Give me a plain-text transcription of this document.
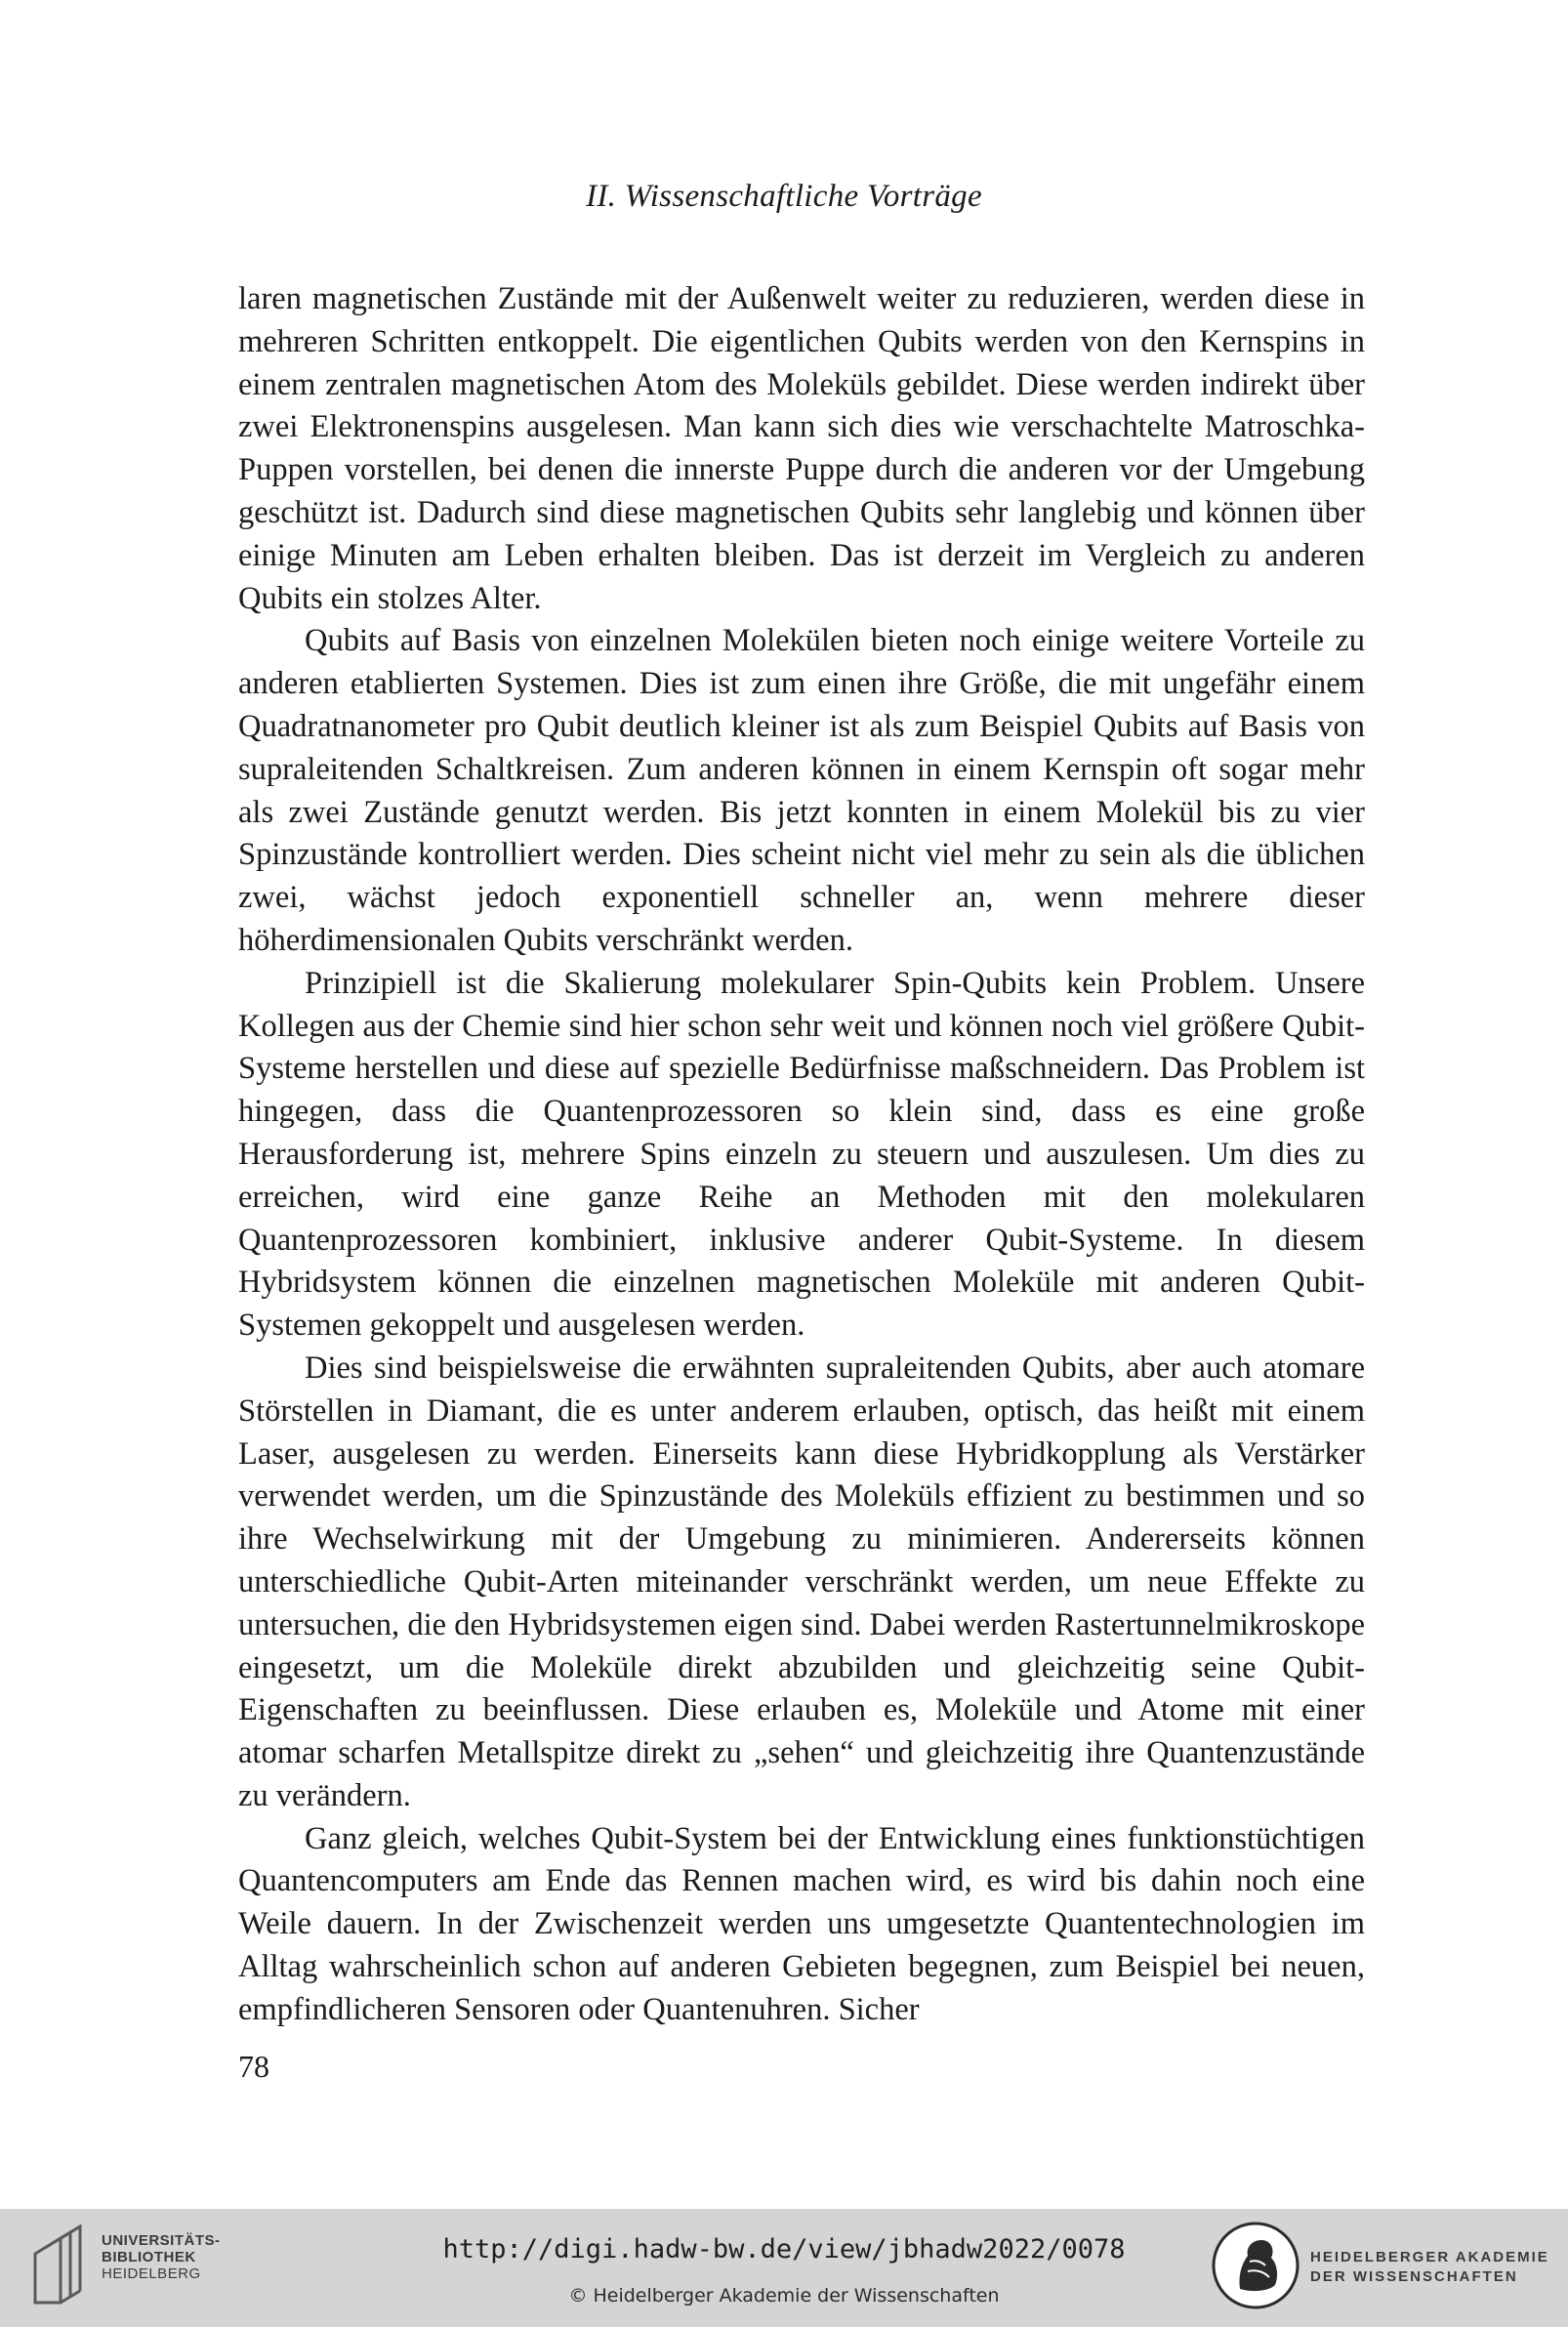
II. Wissenschaftliche Vorträge

laren magnetischen Zustände mit der Außenwelt weiter zu reduzieren, werden diese in mehreren Schritten entkoppelt. Die eigentlichen Qubits werden von den Kernspins in einem zentralen magnetischen Atom des Moleküls gebildet. Diese werden indirekt über zwei Elektronenspins ausgelesen. Man kann sich dies wie verschachtelte Matroschka-Puppen vorstellen, bei denen die innerste Puppe durch die anderen vor der Umgebung geschützt ist. Dadurch sind diese magnetischen Qubits sehr langlebig und können über einige Minuten am Leben erhalten bleiben. Das ist derzeit im Vergleich zu anderen Qubits ein stolzes Alter.

Qubits auf Basis von einzelnen Molekülen bieten noch einige weitere Vorteile zu anderen etablierten Systemen. Dies ist zum einen ihre Größe, die mit ungefähr einem Quadratnanometer pro Qubit deutlich kleiner ist als zum Beispiel Qubits auf Basis von supraleitenden Schaltkreisen. Zum anderen können in einem Kernspin oft sogar mehr als zwei Zustände genutzt werden. Bis jetzt konnten in einem Molekül bis zu vier Spinzustände kontrolliert werden. Dies scheint nicht viel mehr zu sein als die üblichen zwei, wächst jedoch exponentiell schneller an, wenn mehrere dieser höherdimensionalen Qubits verschränkt werden.

Prinzipiell ist die Skalierung molekularer Spin-Qubits kein Problem. Unsere Kollegen aus der Chemie sind hier schon sehr weit und können noch viel größere Qubit-Systeme herstellen und diese auf spezielle Bedürfnisse maßschneidern. Das Problem ist hingegen, dass die Quantenprozessoren so klein sind, dass es eine große Herausforderung ist, mehrere Spins einzeln zu steuern und auszulesen. Um dies zu erreichen, wird eine ganze Reihe an Methoden mit den molekularen Quantenprozessoren kombiniert, inklusive anderer Qubit-Systeme. In diesem Hybridsystem können die einzelnen magnetischen Moleküle mit anderen Qubit-Systemen gekoppelt und ausgelesen werden.

Dies sind beispielsweise die erwähnten supraleitenden Qubits, aber auch atomare Störstellen in Diamant, die es unter anderem erlauben, optisch, das heißt mit einem Laser, ausgelesen zu werden. Einerseits kann diese Hybridkopplung als Verstärker verwendet werden, um die Spinzustände des Moleküls effizient zu bestimmen und so ihre Wechselwirkung mit der Umgebung zu minimieren. Andererseits können unterschiedliche Qubit-Arten miteinander verschränkt werden, um neue Effekte zu untersuchen, die den Hybridsystemen eigen sind. Dabei werden Rastertunnelmikroskope eingesetzt, um die Moleküle direkt abzubilden und gleichzeitig seine Qubit-Eigenschaften zu beeinflussen. Diese erlauben es, Moleküle und Atome mit einer atomar scharfen Metallspitze direkt zu „sehen“ und gleichzeitig ihre Quantenzustände zu verändern.

Ganz gleich, welches Qubit-System bei der Entwicklung eines funktionstüchtigen Quantencomputers am Ende das Rennen machen wird, es wird bis dahin noch eine Weile dauern. In der Zwischenzeit werden uns umgesetzte Quantentechnologien im Alltag wahrscheinlich schon auf anderen Gebieten begegnen, zum Beispiel bei neuen, empfindlicheren Sensoren oder Quantenuhren. Sicher

78
UNIVERSITÄTS-
BIBLIOTHEK
HEIDELBERG
http://digi.hadw-bw.de/view/jbhadw2022/0078
© Heidelberger Akademie der Wissenschaften
HEIDELBERGER AKADEMIE
DER WISSENSCHAFTEN
